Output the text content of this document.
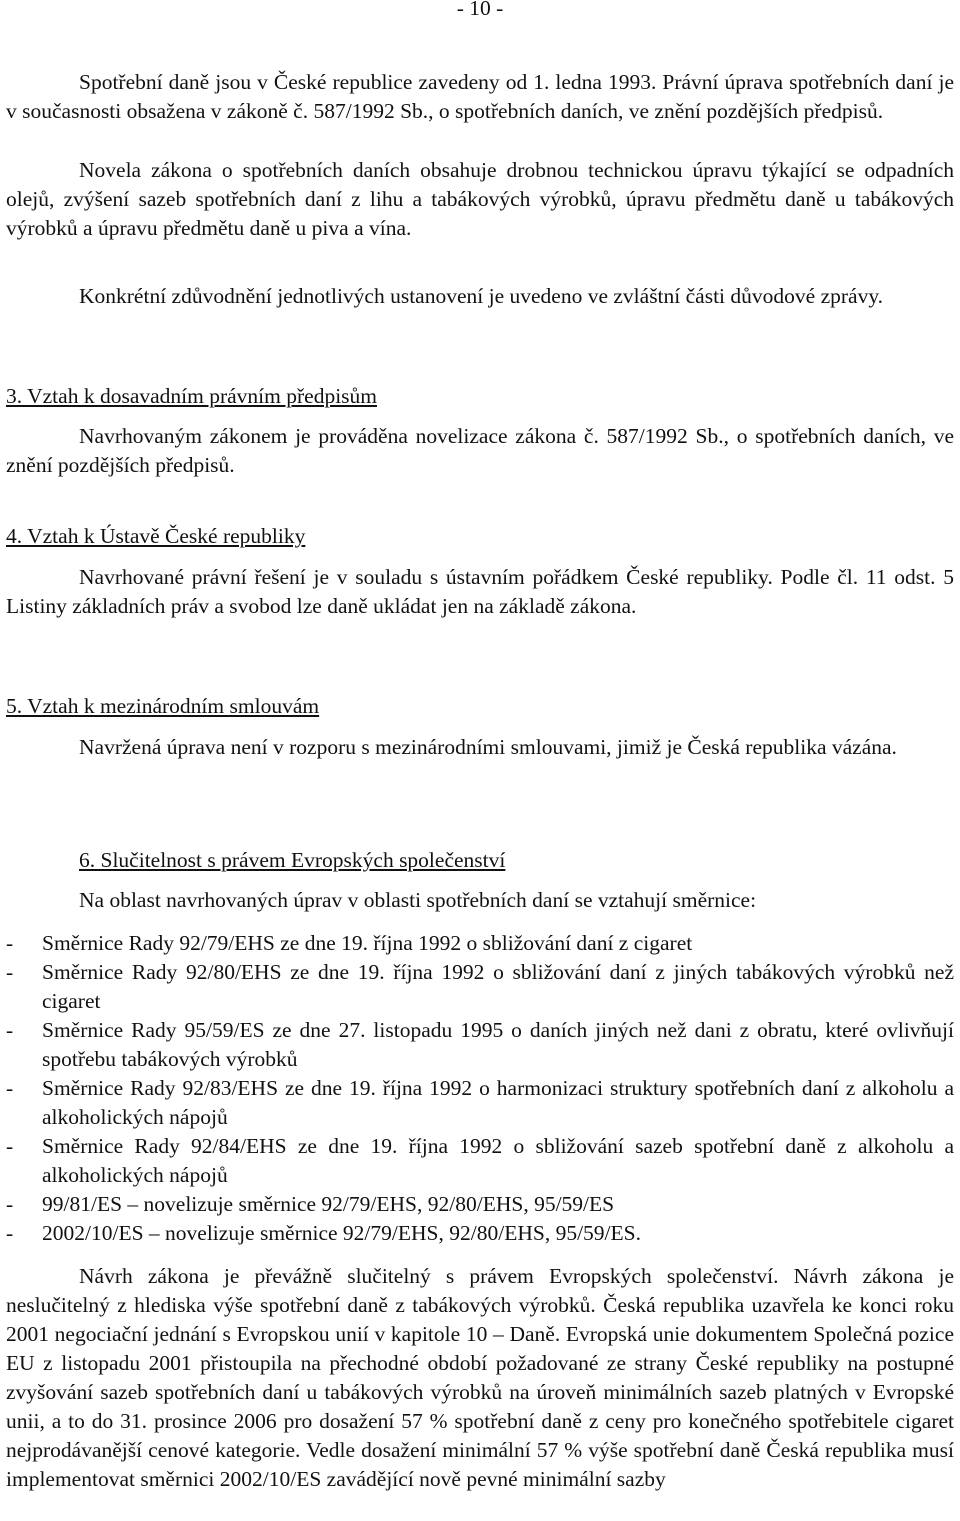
- 10 -

Spotřební daně jsou v České republice zavedeny od 1. ledna 1993. Právní úprava spotřebních daní je v současnosti obsažena v zákoně č. 587/1992 Sb., o spotřebních daních, ve znění pozdějších předpisů.

Novela zákona o spotřebních daních obsahuje drobnou technickou úpravu týkající se odpadních olejů, zvýšení sazeb spotřebních daní z lihu a tabákových výrobků, úpravu předmětu daně u tabákových výrobků a úpravu předmětu daně u piva a vína.

Konkrétní zdůvodnění jednotlivých ustanovení je uvedeno ve zvláštní části důvodové zprávy.

3. Vztah k dosavadním právním předpisům

Navrhovaným zákonem je prováděna novelizace zákona č. 587/1992 Sb., o spotřebních daních, ve znění pozdějších předpisů.

4. Vztah k Ústavě České republiky

Navrhované právní řešení je v souladu s ústavním pořádkem České republiky. Podle čl. 11 odst. 5 Listiny základních práv a svobod lze daně ukládat jen na základě zákona.

5. Vztah k mezinárodním smlouvám

Navržená úprava není v rozporu s mezinárodními smlouvami, jimiž je Česká republika vázána.

6. Slučitelnost s právem Evropských společenství

Na oblast navrhovaných úprav v oblasti spotřebních daní se vztahují směrnice:

- Směrnice Rady 92/79/EHS ze dne 19. října 1992 o sbližování daní z cigaret
- Směrnice Rady 92/80/EHS ze dne 19. října 1992 o sbližování daní z jiných tabákových výrobků než cigaret
- Směrnice Rady 95/59/ES ze dne 27. listopadu 1995 o daních jiných než dani z obratu, které ovlivňují spotřebu tabákových výrobků
- Směrnice Rady 92/83/EHS ze dne 19. října 1992 o harmonizaci struktury spotřebních daní z alkoholu a alkoholických nápojů
- Směrnice Rady 92/84/EHS ze dne 19. října 1992 o sbližování sazeb spotřební daně z alkoholu a alkoholických nápojů
- 99/81/ES – novelizuje směrnice 92/79/EHS, 92/80/EHS, 95/59/ES
- 2002/10/ES – novelizuje směrnice 92/79/EHS, 92/80/EHS, 95/59/ES.

Návrh zákona je převážně slučitelný s právem Evropských společenství. Návrh zákona je neslučitelný z hlediska výše spotřební daně z tabákových výrobků. Česká republika uzavřela ke konci roku 2001 negociační jednání s Evropskou unií v kapitole 10 – Daně. Evropská unie dokumentem Společná pozice EU z listopadu 2001 přistoupila na přechodné období požadované ze strany České republiky na postupné zvyšování sazeb spotřebních daní u tabákových výrobků na úroveň minimálních sazeb platných v Evropské unii, a to do 31. prosince 2006 pro dosažení 57 % spotřební daně z ceny pro konečného spotřebitele cigaret nejprodávanější cenové kategorie. Vedle dosažení minimální 57 % výše spotřební daně Česká republika musí implementovat směrnici 2002/10/ES zavádějící nově pevné minimální sazby
